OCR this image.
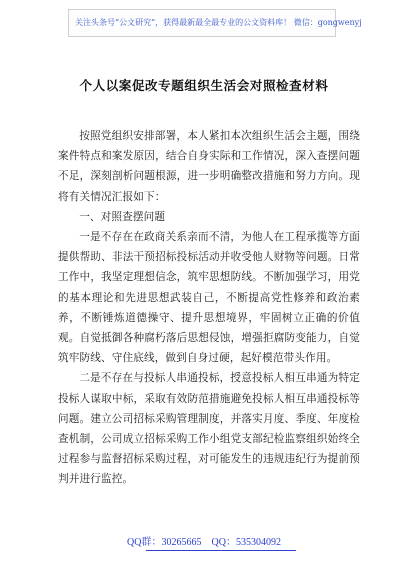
关注头条号“公文研究”，获得最新最全最专业的公文资料库！ 微信：gongwenyj
个人以案促改专题组织生活会对照检查材料

按照党组织安排部署，本人紧扣本次组织生活会主题，围绕案件特点和案发原因，结合自身实际和工作情况，深入查摆问题不足，深刻剖析问题根源，进一步明确整改措施和努力方向。现将有关情况汇报如下：

一、对照查摆问题

一是不存在在政商关系亲而不清，为他人在工程承揽等方面提供帮助、非法干预招标投标活动并收受他人财物等问题。日常工作中，我坚定理想信念，筑牢思想防线。不断加强学习，用党的基本理论和先进思想武装自己，不断提高党性修养和政治素养，不断锤炼道德操守、提升思想境界，牢固树立正确的价值观。自觉抵御各种腐朽落后思想侵蚀，增强拒腐防变能力，自觉筑牢防线、守住底线，做到自身过硬，起好模范带头作用。

二是不存在与投标人串通投标，授意投标人相互串通为特定投标人谋取中标，采取有效防范措施避免投标人相互串通投标等问题。建立公司招标采购管理制度，并落实月度、季度、年度检查机制，公司成立招标采购工作小组党支部纪检监察组织始终全过程参与监督招标采购过程，对可能发生的违规违纪行为提前预判并进行监控。

QQ群：30265665 QQ：535304092
